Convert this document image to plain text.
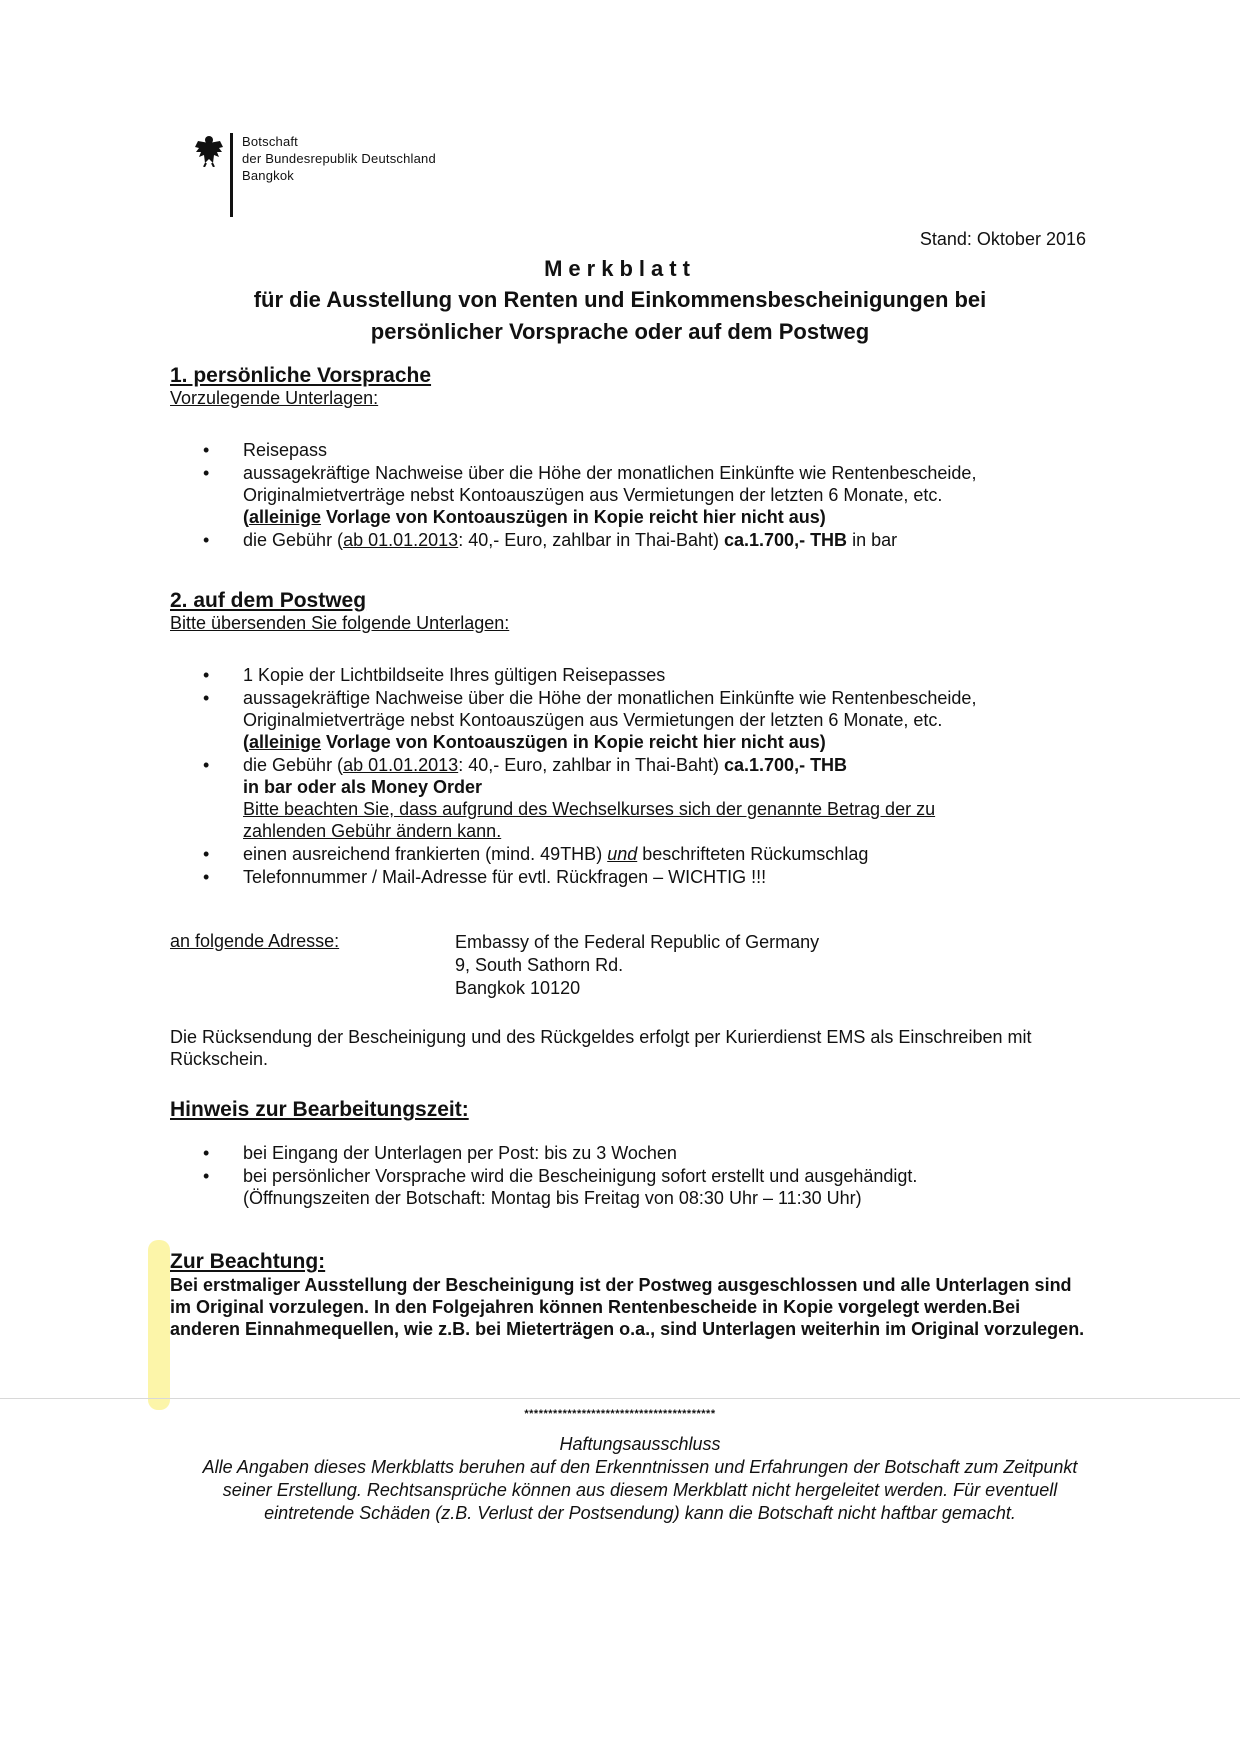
Botschaft
der Bundesrepublik Deutschland
Bangkok
Stand: Oktober 2016
Merkblatt
für die Ausstellung von Renten und Einkommensbescheinigungen bei
persönlicher Vorsprache oder auf dem Postweg
1. persönliche Vorsprache
Vorzulegende Unterlagen:
• Reisepass
• aussagekräftige Nachweise über die Höhe der monatlichen Einkünfte wie Rentenbescheide,
Originalmietverträge nebst Kontoauszügen aus Vermietungen der letzten 6 Monate, etc.
(alleinige Vorlage von Kontoauszügen in Kopie reicht hier nicht aus)
• die Gebühr (ab 01.01.2013: 40,- Euro, zahlbar in Thai-Baht) ca.1.700,- THB in bar
2. auf dem Postweg
Bitte übersenden Sie folgende Unterlagen:
• 1 Kopie der Lichtbildseite Ihres gültigen Reisepasses
• aussagekräftige Nachweise über die Höhe der monatlichen Einkünfte wie Rentenbescheide,
Originalmietverträge nebst Kontoauszügen aus Vermietungen der letzten 6 Monate, etc.
(alleinige Vorlage von Kontoauszügen in Kopie reicht hier nicht aus)
• die Gebühr (ab 01.01.2013: 40,- Euro, zahlbar in Thai-Baht) ca.1.700,- THB
in bar oder als Money Order
Bitte beachten Sie, dass aufgrund des Wechselkurses sich der genannte Betrag der zu zahlenden Gebühr ändern kann.
• einen ausreichend frankierten (mind. 49THB) und beschrifteten Rückumschlag
• Telefonnummer / Mail-Adresse für evtl. Rückfragen – WICHTIG !!!
an folgende Adresse:	Embassy of the Federal Republic of Germany
9, South Sathorn Rd.
Bangkok 10120
Die Rücksendung der Bescheinigung und des Rückgeldes erfolgt per Kurierdienst EMS als Einschreiben mit Rückschein.
Hinweis zur Bearbeitungszeit:
• bei Eingang der Unterlagen per Post: bis zu 3 Wochen
• bei persönlicher Vorsprache wird die Bescheinigung sofort erstellt und ausgehändigt.
(Öffnungszeiten der Botschaft: Montag bis Freitag von 08:30 Uhr – 11:30 Uhr)
Zur Beachtung:
Bei erstmaliger Ausstellung der Bescheinigung ist der Postweg ausgeschlossen und alle Unterlagen sind im Original vorzulegen. In den Folgejahren können Rentenbescheide in Kopie vorgelegt werden.Bei anderen Einnahmequellen, wie z.B. bei Mieterträgen o.a., sind Unterlagen weiterhin im Original vorzulegen.
****************************************
Haftungsausschluss
Alle Angaben dieses Merkblatts beruhen auf den Erkenntnissen und Erfahrungen der Botschaft zum Zeitpunkt seiner Erstellung. Rechtsansprüche können aus diesem Merkblatt nicht hergeleitet werden. Für eventuell eintretende Schäden (z.B. Verlust der Postsendung) kann die Botschaft nicht haftbar gemacht.
